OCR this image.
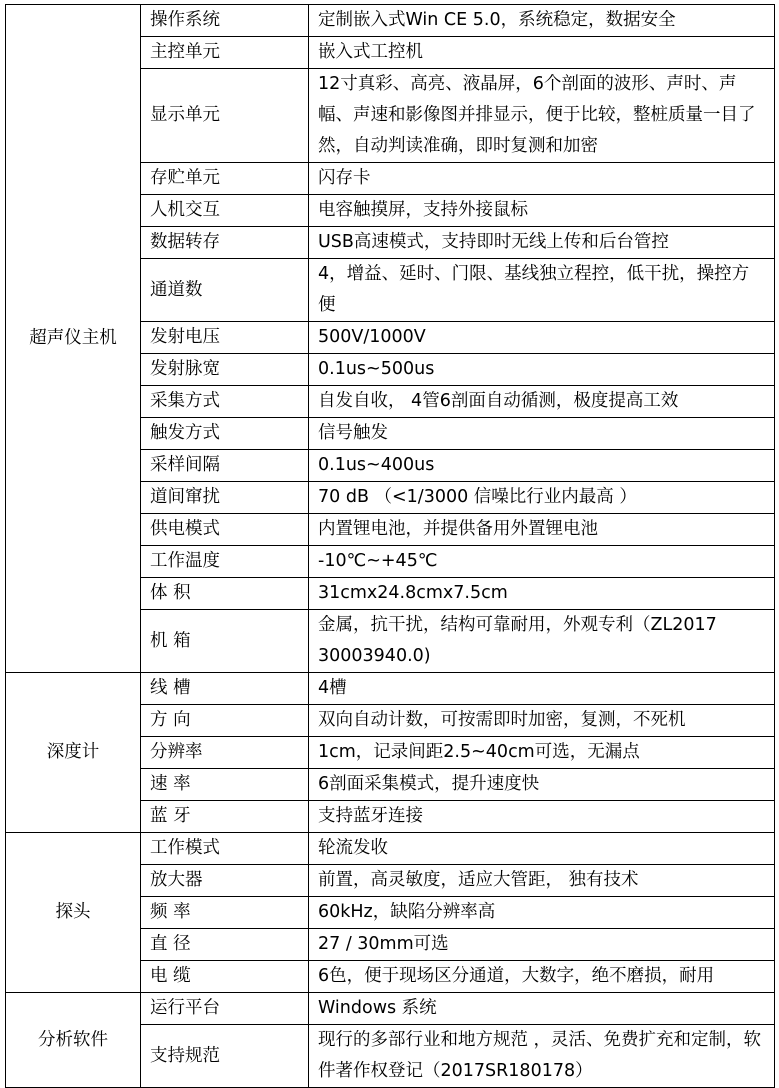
超声仪主机	操作系统	定制嵌入式Win CE 5.0，系统稳定，数据安全
	主控单元	嵌入式工控机
	显示单元	12寸真彩、高亮、液晶屏，6个剖面的波形、声时、声幅、声速和影像图并排显示，便于比较，整桩质量一目了然，自动判读准确，即时复测和加密
	存贮单元	闪存卡
	人机交互	电容触摸屏，支持外接鼠标
	数据转存	USB高速模式，支持即时无线上传和后台管控
	通道数	4，增益、延时、门限、基线独立程控，低干扰，操控方便
	发射电压	500V/1000V
	发射脉宽	0.1us~500us
	采集方式	自发自收， 4管6剖面自动循测，极度提高工效
	触发方式	信号触发
	采样间隔	0.1us~400us
	道间窜扰	70 dB （<1/3000 信噪比行业内最高 ）
	供电模式	内置锂电池，并提供备用外置锂电池
	工作温度	-10℃~+45℃
	体 积	31cmx24.8cmx7.5cm
	机 箱	金属，抗干扰，结构可靠耐用，外观专利（ZL2017 30003940.0)
深度计	线 槽	4槽
	方 向	双向自动计数，可按需即时加密，复测，不死机
	分辨率	1cm，记录间距2.5~40cm可选，无漏点
	速 率	6剖面采集模式，提升速度快
	蓝 牙	支持蓝牙连接
探头	工作模式	轮流发收
	放大器	前置，高灵敏度，适应大管距， 独有技术
	频 率	60kHz，缺陷分辨率高
	直 径	27 / 30mm可选
	电 缆	6色，便于现场区分通道，大数字，绝不磨损，耐用
分析软件	运行平台	Windows 系统
	支持规范	现行的多部行业和地方规范 ，灵活、免费扩充和定制，软件著作权登记（2017SR180178）
